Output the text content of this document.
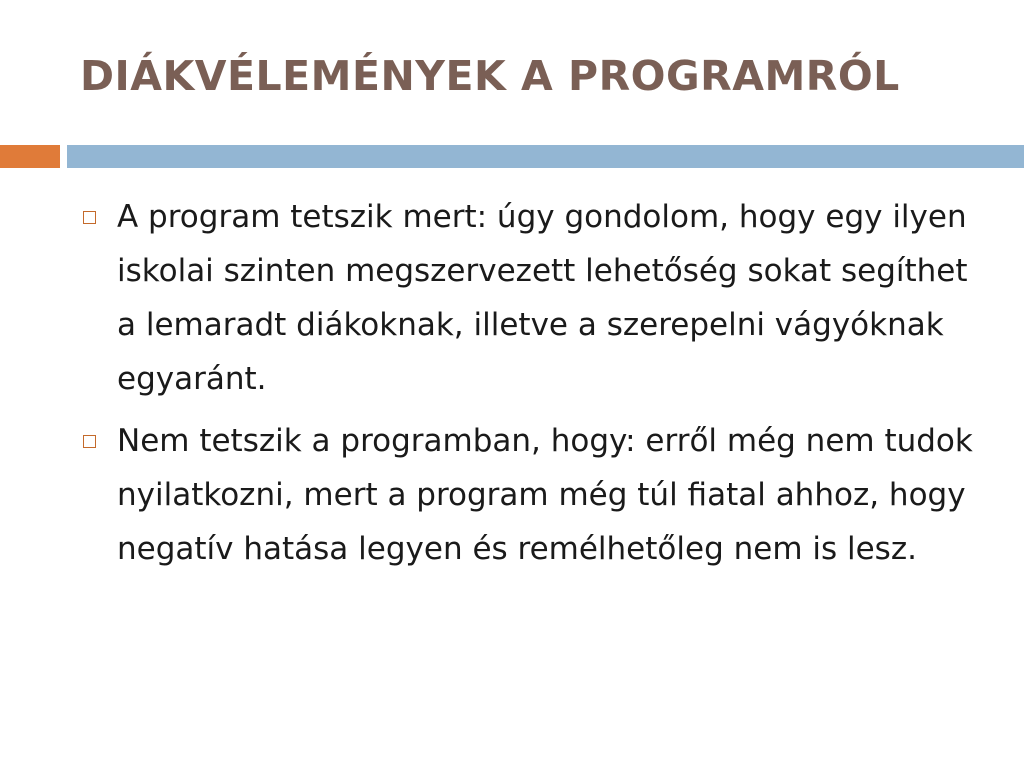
DIÁKVÉLEMÉNYEK A PROGRAMRÓL
A program tetszik mert: úgy gondolom, hogy egy ilyen iskolai szinten megszervezett lehetőség sokat segíthet a lemaradt diákoknak, illetve a szerepelni vágyóknak egyaránt.
Nem tetszik a programban, hogy: erről még nem tudok nyilatkozni, mert a program még túl fiatal ahhoz, hogy negatív hatása legyen és remélhetőleg nem is lesz.
